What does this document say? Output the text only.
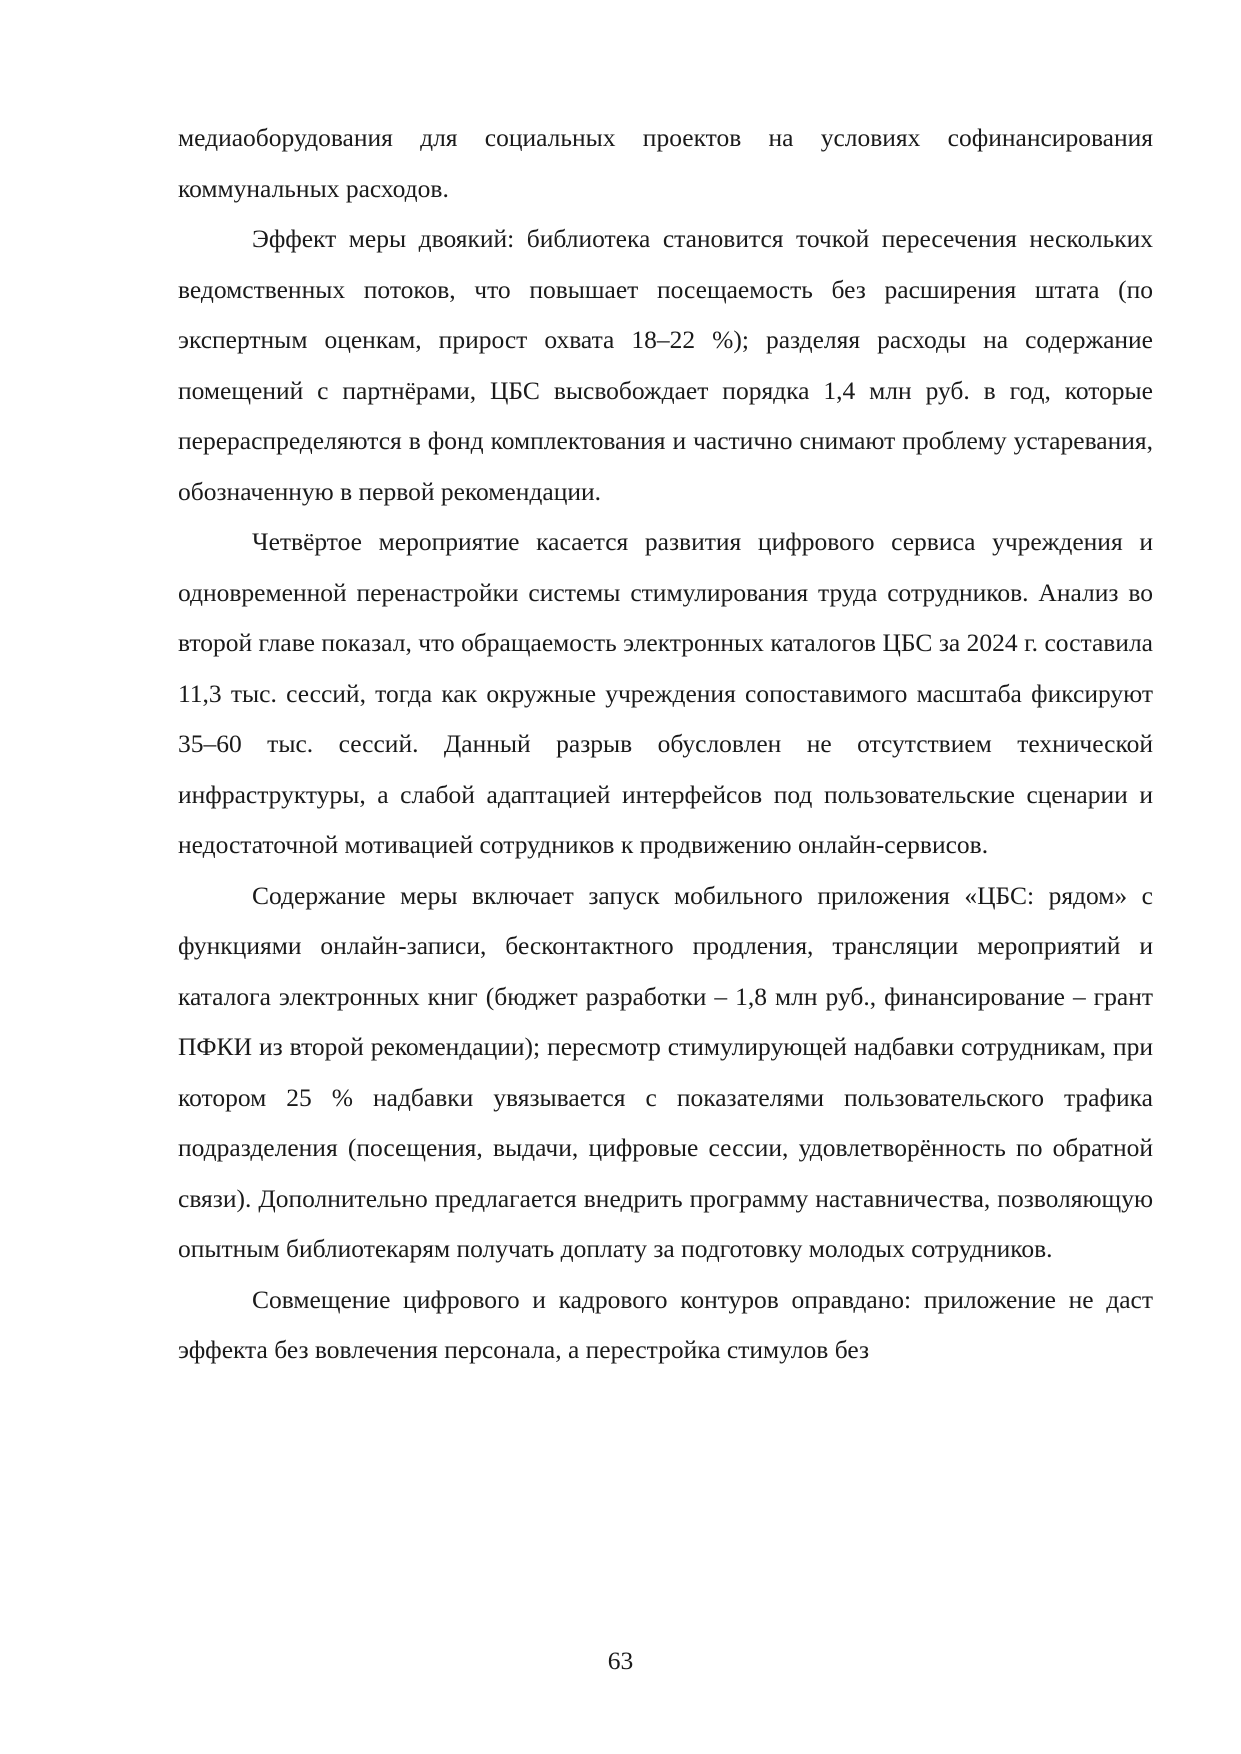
медиаоборудования для социальных проектов на условиях софинансирования коммунальных расходов.

Эффект меры двоякий: библиотека становится точкой пересечения нескольких ведомственных потоков, что повышает посещаемость без расширения штата (по экспертным оценкам, прирост охвата 18–22 %); разделяя расходы на содержание помещений с партнёрами, ЦБС высвобождает порядка 1,4 млн руб. в год, которые перераспределяются в фонд комплектования и частично снимают проблему устаревания, обозначенную в первой рекомендации.

Четвёртое мероприятие касается развития цифрового сервиса учреждения и одновременной перенастройки системы стимулирования труда сотрудников. Анализ во второй главе показал, что обращаемость электронных каталогов ЦБС за 2024 г. составила 11,3 тыс. сессий, тогда как окружные учреждения сопоставимого масштаба фиксируют 35–60 тыс. сессий. Данный разрыв обусловлен не отсутствием технической инфраструктуры, а слабой адаптацией интерфейсов под пользовательские сценарии и недостаточной мотивацией сотрудников к продвижению онлайн-сервисов.

Содержание меры включает запуск мобильного приложения «ЦБС: рядом» с функциями онлайн-записи, бесконтактного продления, трансляции мероприятий и каталога электронных книг (бюджет разработки – 1,8 млн руб., финансирование – грант ПФКИ из второй рекомендации); пересмотр стимулирующей надбавки сотрудникам, при котором 25 % надбавки увязывается с показателями пользовательского трафика подразделения (посещения, выдачи, цифровые сессии, удовлетворённость по обратной связи). Дополнительно предлагается внедрить программу наставничества, позволяющую опытным библиотекарям получать доплату за подготовку молодых сотрудников.

Совмещение цифрового и кадрового контуров оправдано: приложение не даст эффекта без вовлечения персонала, а перестройка стимулов без

63
